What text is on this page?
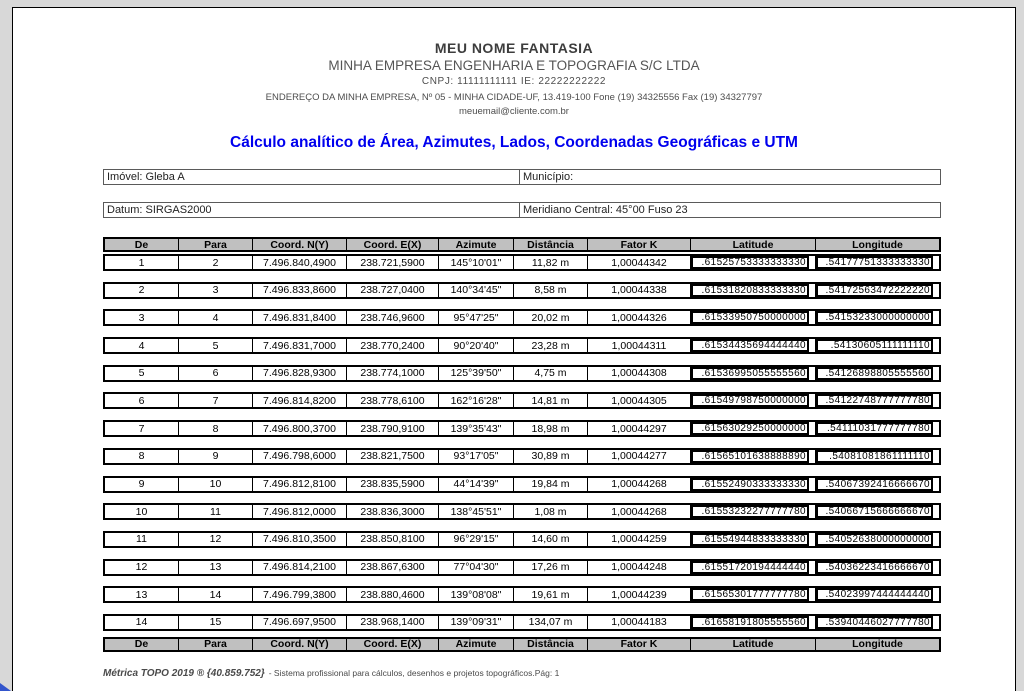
MEU NOME FANTASIA
MINHA EMPRESA ENGENHARIA E TOPOGRAFIA S/C LTDA
CNPJ: 11111111111 IE: 22222222222
ENDEREÇO DA MINHA EMPRESA, Nº 05 - MINHA CIDADE-UF, 13.419-100 Fone (19) 34325556 Fax (19) 34327797
meuemail@cliente.com.br
Cálculo analítico de Área, Azimutes, Lados, Coordenadas Geográficas e UTM
Imóvel: Gleba A	Município:
Datum: SIRGAS2000	Meridiano Central: 45°00 Fuso 23
De	Para	Coord. N(Y)	Coord. E(X)	Azimute	Distância	Fator K	Latitude	Longitude
1	2	7.496.840,4900	238.721,5900	145°10'01"	11,82 m	1,00044342	.61525753333333330	.54177751333333330
2	3	7.496.833,8600	238.727,0400	140°34'45"	8,58 m	1,00044338	.61531820833333330	.54172563472222220
3	4	7.496.831,8400	238.746,9600	95°47'25"	20,02 m	1,00044326	.61533950750000000	.54153233000000000
4	5	7.496.831,7000	238.770,2400	90°20'40"	23,28 m	1,00044311	.61534435694444440	.54130605111111110
5	6	7.496.828,9300	238.774,1000	125°39'50"	4,75 m	1,00044308	.61536995055555560	.54126898805555560
6	7	7.496.814,8200	238.778,6100	162°16'28"	14,81 m	1,00044305	.61549798750000000	.54122748777777780
7	8	7.496.800,3700	238.790,9100	139°35'43"	18,98 m	1,00044297	.61563029250000000	.54111031777777780
8	9	7.496.798,6000	238.821,7500	93°17'05"	30,89 m	1,00044277	.61565101638888890	.54081081861111110
9	10	7.496.812,8100	238.835,5900	44°14'39"	19,84 m	1,00044268	.61552490333333330	.54067392416666670
10	11	7.496.812,0000	238.836,3000	138°45'51"	1,08 m	1,00044268	.61553232277777780	.54066715666666670
11	12	7.496.810,3500	238.850,8100	96°29'15"	14,60 m	1,00044259	.61554944833333330	.54052638000000000
12	13	7.496.814,2100	238.867,6300	77°04'30"	17,26 m	1,00044248	.61551720194444440	.54036223416666670
13	14	7.496.799,3800	238.880,4600	139°08'08"	19,61 m	1,00044239	.61565301777777780	.54023997444444440
14	15	7.496.697,9500	238.968,1400	139°09'31"	134,07 m	1,00044183	.61658191805555560	.53940446027777780
De	Para	Coord. N(Y)	Coord. E(X)	Azimute	Distância	Fator K	Latitude	Longitude
Métrica TOPO 2019 ® {40.859.752} - Sistema profissional para cálculos, desenhos e projetos topográficos.Pág: 1
